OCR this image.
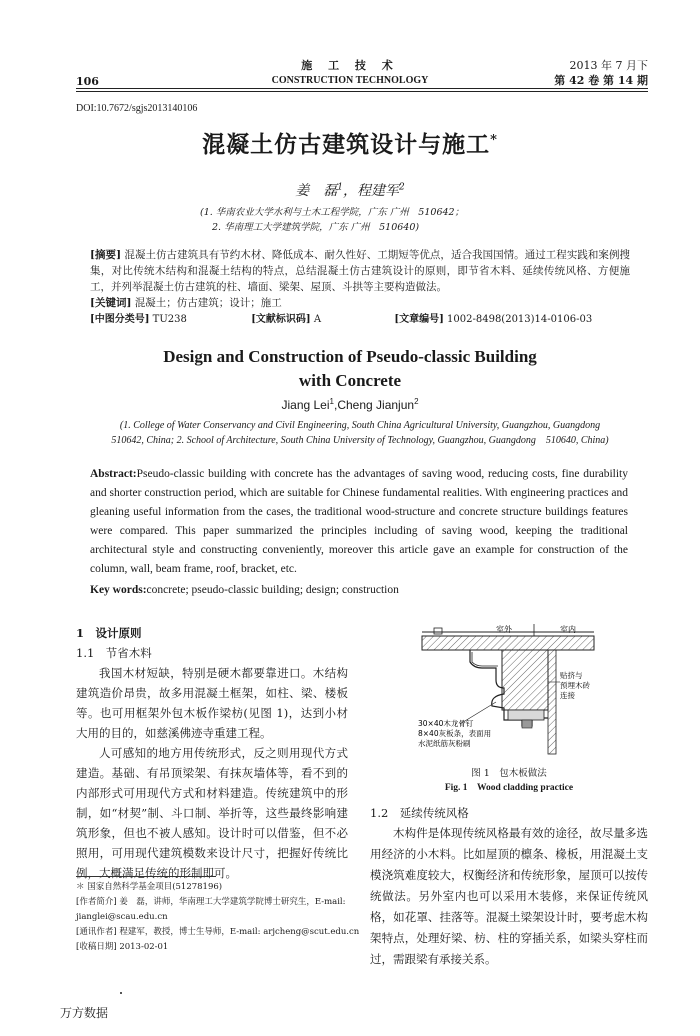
106
施 工 技 术
CONSTRUCTION TECHNOLOGY
2013 年 7 月下
第 42 卷 第 14 期
DOI:10.7672/sgjs2013140106
混凝土仿古建筑设计与施工*
姜　磊$^1$，程建军$^2$
(1. 华南农业大学水利与土木工程学院，广东 广州　510642；
2. 华南理工大学建筑学院，广东 广州　510640)
[摘要] 混凝土仿古建筑具有节约木材、降低成本、耐久性好、工期短等优点，适合我国国情。通过工程实践和案例搜集，对比传统木结构和混凝土结构的特点，总结混凝土仿古建筑设计的原则，即节省木料、延续传统风格、方便施工，并列举混凝土仿古建筑的柱、墙面、梁架、屋顶、斗拱等主要构造做法。
[关键词] 混凝土；仿古建筑；设计；施工
[中图分类号] TU238	[文献标识码] A	[文章编号] 1002-8498(2013)14-0106-03
Design and Construction of Pseudo-classic Building
with Concrete
Jiang Lei$^1$,Cheng Jianjun$^2$
(1. College of Water Conservancy and Civil Engineering, South China Agricultural University, Guangzhou, Guangdong
510642, China; 2. School of Architecture, South China University of Technology, Guangzhou, Guangdong　510640, China)
Abstract:Pseudo-classic building with concrete has the advantages of saving wood, reducing costs, fine durability and shorter construction period, which are suitable for Chinese fundamental realities. With engineering practices and gleaning useful information from the cases, the traditional wood-structure and concrete structure buildings features were compared. This paper summarized the principles including of saving wood, keeping the traditional architectural style and constructing conveniently, moreover this article gave an example for construction of the column, wall, beam frame, roof, bracket, etc.
Key words:concrete; pseudo-classic building; design; construction
1　设计原则
1.1　节省木料

我国木材短缺，特别是硬木都要靠进口。木结构建筑造价昂贵，故多用混凝土框架，如柱、梁、楼板等。也可用框架外包木板作梁枋(见图 1)，达到小材大用的目的，如慈溪佛迹寺重建工程。

人可感知的地方用传统形式，反之则用现代方式建造。基础、有吊顶梁架、有抹灰墙体等，看不到的内部形式可用现代方式和材料建造。传统建筑中的形制，如“材契”制、斗口制、举折等，这些最终影响建筑形象，但也不被人感知。设计时可以借鉴，但不必照用，可用现代建筑模数来设计尺寸，把握好传统比例，大概满足传统的形制即可。

室外	室内
贴挤与
预埋木砖
连接
30×40木龙骨钉
8×40灰板条，表面用
水泥纸筋灰粉刷
图 1　包木板做法
Fig. 1　Wood cladding practice
1.2　延续传统风格

木构件是体现传统风格最有效的途径，故尽量多选用经济的小木料。比如屋顶的檩条、椽板，用混凝土支模浇筑难度较大，权衡经济和传统形象，屋顶可以按传统做法。另外室内也可以采用木装修，来保证传统风格，如花罩、挂落等。混凝土梁架设计时，要考虑木构架特点，处理好梁、枋、柱的穿插关系，如梁头穿柱而过，需跟梁有承接关系。

＊ 国家自然科学基金项目(51278196)
[作者简介] 姜　磊，讲师，华南理工大学建筑学院博士研究生，E-mail: jianglei@scau.edu.cn
[通讯作者] 程建军，教授，博士生导师，E-mail: arjcheng@scut.edu.cn
[收稿日期] 2013-02-01
万方数据
